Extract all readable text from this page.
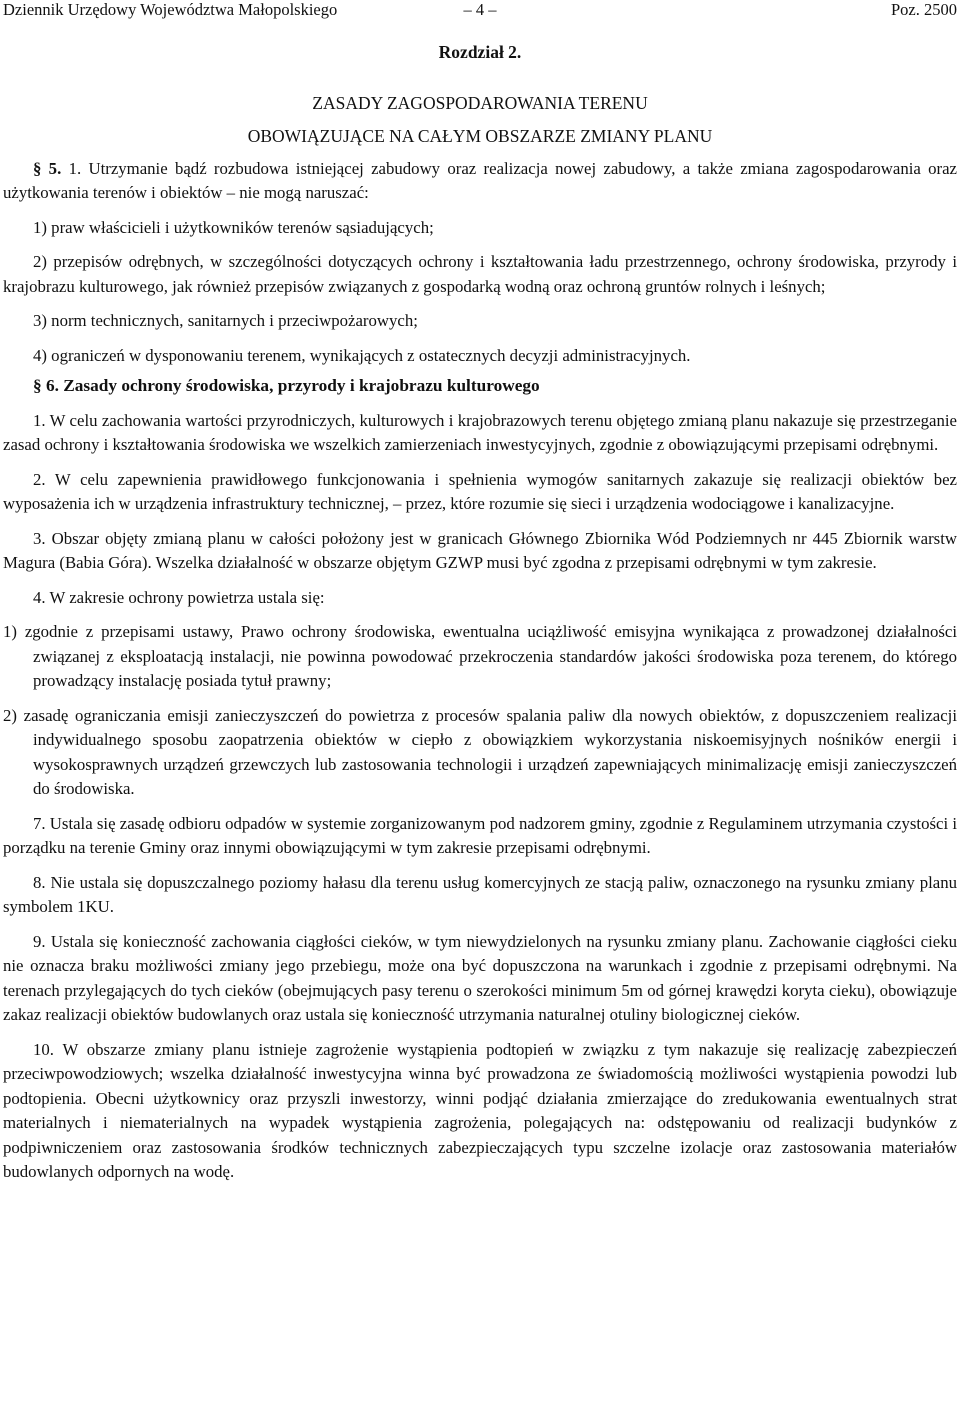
Dziennik Urzędowy Województwa Małopolskiego	– 4 –	Poz. 2500
Rozdział 2.
ZASADY ZAGOSPODAROWANIA TERENU
OBOWIĄZUJĄCE NA CAŁYM OBSZARZE ZMIANY PLANU

§ 5. 1. Utrzymanie bądź rozbudowa istniejącej zabudowy oraz realizacja nowej zabudowy, a także zmiana zagospodarowania oraz użytkowania terenów i obiektów – nie mogą naruszać:

1) praw właścicieli i użytkowników terenów sąsiadujących;

2) przepisów odrębnych, w szczególności dotyczących ochrony i kształtowania ładu przestrzennego, ochrony środowiska, przyrody i krajobrazu kulturowego, jak również przepisów związanych z gospodarką wodną oraz ochroną gruntów rolnych i leśnych;

3) norm technicznych, sanitarnych i przeciwpożarowych;

4) ograniczeń w dysponowaniu terenem, wynikających z ostatecznych decyzji administracyjnych.

§ 6. Zasady ochrony środowiska, przyrody i krajobrazu kulturowego

1. W celu zachowania wartości przyrodniczych, kulturowych i krajobrazowych terenu objętego zmianą planu nakazuje się przestrzeganie zasad ochrony i kształtowania środowiska we wszelkich zamierzeniach inwestycyjnych, zgodnie z obowiązującymi przepisami odrębnymi.

2. W celu zapewnienia prawidłowego funkcjonowania i spełnienia wymogów sanitarnych zakazuje się realizacji obiektów bez wyposażenia ich w urządzenia infrastruktury technicznej, – przez, które rozumie się sieci i urządzenia wodociągowe i kanalizacyjne.

3. Obszar objęty zmianą planu w całości położony jest w granicach Głównego Zbiornika Wód Podziemnych nr 445 Zbiornik warstw Magura (Babia Góra). Wszelka działalność w obszarze objętym GZWP musi być zgodna z przepisami odrębnymi w tym zakresie.

4. W zakresie ochrony powietrza ustala się:

1) zgodnie z przepisami ustawy, Prawo ochrony środowiska, ewentualna uciążliwość emisyjna wynikająca z prowadzonej działalności związanej z eksploatacją instalacji, nie powinna powodować przekroczenia standardów jakości środowiska poza terenem, do którego prowadzący instalację posiada tytuł prawny;

2) zasadę ograniczania emisji zanieczyszczeń do powietrza z procesów spalania paliw dla nowych obiektów, z dopuszczeniem realizacji indywidualnego sposobu zaopatrzenia obiektów w ciepło z obowiązkiem wykorzystania niskoemisyjnych nośników energii i wysokosprawnych urządzeń grzewczych lub zastosowania technologii i urządzeń zapewniających minimalizację emisji zanieczyszczeń do środowiska.

7. Ustala się zasadę odbioru odpadów w systemie zorganizowanym pod nadzorem gminy, zgodnie z Regulaminem utrzymania czystości i porządku na terenie Gminy oraz innymi obowiązującymi w tym zakresie przepisami odrębnymi.

8. Nie ustala się dopuszczalnego poziomy hałasu dla terenu usług komercyjnych ze stacją paliw, oznaczonego na rysunku zmiany planu symbolem 1KU.

9. Ustala się konieczność zachowania ciągłości cieków, w tym niewydzielonych na rysunku zmiany planu. Zachowanie ciągłości cieku nie oznacza braku możliwości zmiany jego przebiegu, może ona być dopuszczona na warunkach i zgodnie z przepisami odrębnymi. Na terenach przylegających do tych cieków (obejmujących pasy terenu o szerokości minimum 5m od górnej krawędzi koryta cieku), obowiązuje zakaz realizacji obiektów budowlanych oraz ustala się konieczność utrzymania naturalnej otuliny biologicznej cieków.

10. W obszarze zmiany planu istnieje zagrożenie wystąpienia podtopień w związku z tym nakazuje się realizację zabezpieczeń przeciwpowodziowych; wszelka działalność inwestycyjna winna być prowadzona ze świadomością możliwości wystąpienia powodzi lub podtopienia. Obecni użytkownicy oraz przyszli inwestorzy, winni podjąć działania zmierzające do zredukowania ewentualnych strat materialnych i niematerialnych na wypadek wystąpienia zagrożenia, polegających na: odstępowaniu od realizacji budynków z podpiwniczeniem oraz zastosowania środków technicznych zabezpieczających typu szczelne izolacje oraz zastosowania materiałów budowlanych odpornych na wodę.
